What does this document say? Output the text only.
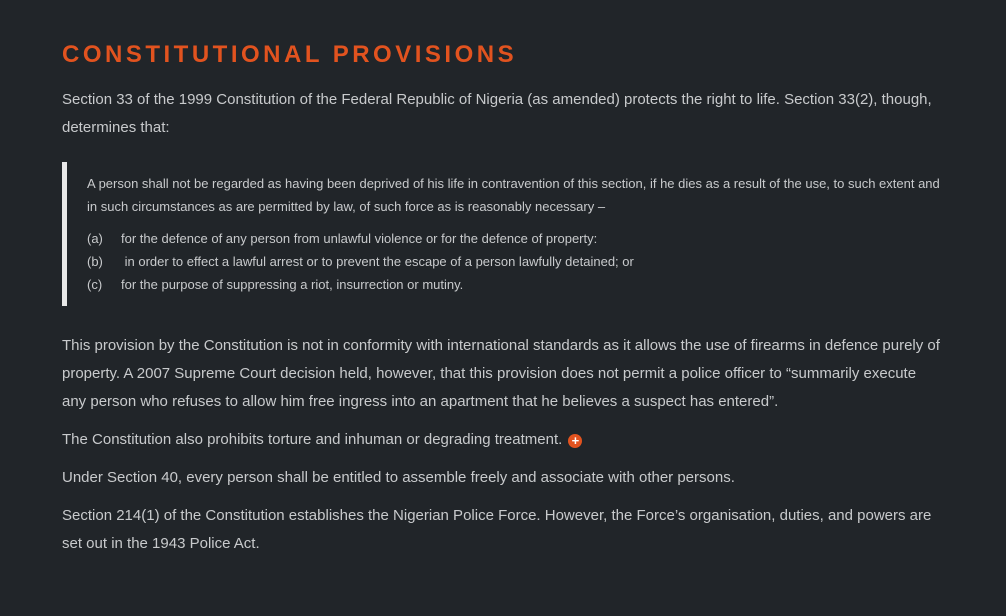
CONSTITUTIONAL PROVISIONS

Section 33 of the 1999 Constitution of the Federal Republic of Nigeria (as amended) protects the right to life. Section 33(2), though, determines that:

A person shall not be regarded as having been deprived of his life in contravention of this section, if he dies as a result of the use, to such extent and in such circumstances as are permitted by law, of such force as is reasonably necessary –
(a)	for the defence of any person from unlawful violence or for the defence of property:
(b)	in order to effect a lawful arrest or to prevent the escape of a person lawfully detained; or
(c)	for the purpose of suppressing a riot, insurrection or mutiny.

This provision by the Constitution is not in conformity with international standards as it allows the use of firearms in defence purely of property. A 2007 Supreme Court decision held, however, that this provision does not permit a police officer to “summarily execute any person who refuses to allow him free ingress into an apartment that he believes a suspect has entered”.

The Constitution also prohibits torture and inhuman or degrading treatment. +

Under Section 40, every person shall be entitled to assemble freely and associate with other persons.

Section 214(1) of the Constitution establishes the Nigerian Police Force. However, the Force’s organisation, duties, and powers are set out in the 1943 Police Act.
